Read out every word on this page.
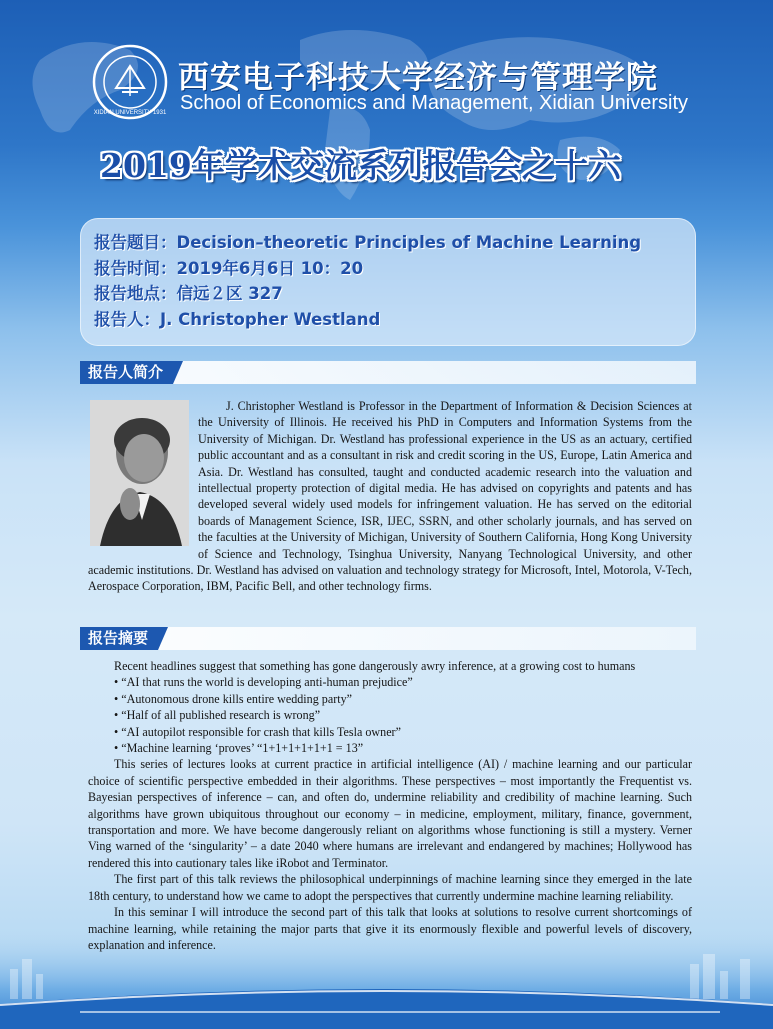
XIDIAN UNIVERSITY 1931
西安电子科技大学经济与管理学院
School of Economics and Management, Xidian University
2019年学术交流系列报告会之十六
报告题目：Decision–theoretic Principles of Machine Learning
报告时间：2019年6月6日 10：20
报告地点：信远２区 327
报告人：J. Christopher Westland
报告人简介

J. Christopher Westland is Professor in the Department of Information & Decision Sciences at the University of Illinois. He received his PhD in Computers and Information Systems from the University of Michigan. Dr. Westland has professional experience in the US as an actuary, certified public accountant and as a consultant in risk and credit scoring in the US, Europe, Latin America and Asia. Dr. Westland has consulted, taught and conducted academic research into the valuation and intellectual property protection of digital media. He has advised on copyrights and patents and has developed several widely used models for infringement valuation. He has served on the editorial boards of Management Science, ISR, IJEC, SSRN, and other scholarly journals, and has served on the faculties at the University of Michigan, University of Southern California, Hong Kong University of Science and Technology, Tsinghua University, Nanyang Technological University, and other academic institutions. Dr. Westland has advised on valuation and technology strategy for Microsoft, Intel, Motorola, V-Tech, Aerospace Corporation, IBM, Pacific Bell, and other technology firms.

报告摘要

Recent headlines suggest that something has gone dangerously awry inference, at a growing cost to humans

• “AI that runs the world is developing anti-human prejudice”

• “Autonomous drone kills entire wedding party”

• “Half of all published research is wrong”

• “AI autopilot responsible for crash that kills Tesla owner”

• “Machine learning ‘proves’ “1+1+1+1+1+1 = 13”

This series of lectures looks at current practice in artificial intelligence (AI) / machine learning and our particular choice of scientific perspective embedded in their algorithms. These perspectives – most importantly the Frequentist vs. Bayesian perspectives of inference – can, and often do, undermine reliability and credibility of machine learning. Such algorithms have grown ubiquitous throughout our economy – in medicine, employment, military, finance, government, transportation and more. We have become dangerously reliant on algorithms whose functioning is still a mystery. Verner Ving warned of the ‘singularity’ – a date 2040 where humans are irrelevant and endangered by machines; Hollywood has rendered this into cautionary tales like iRobot and Terminator.

The first part of this talk reviews the philosophical underpinnings of machine learning since they emerged in the late 18th century, to understand how we came to adopt the perspectives that currently undermine machine learning reliability.

In this seminar I will introduce the second part of this talk that looks at solutions to resolve current shortcomings of machine learning, while retaining the major parts that give it its enormously flexible and powerful levels of discovery, explanation and inference.
